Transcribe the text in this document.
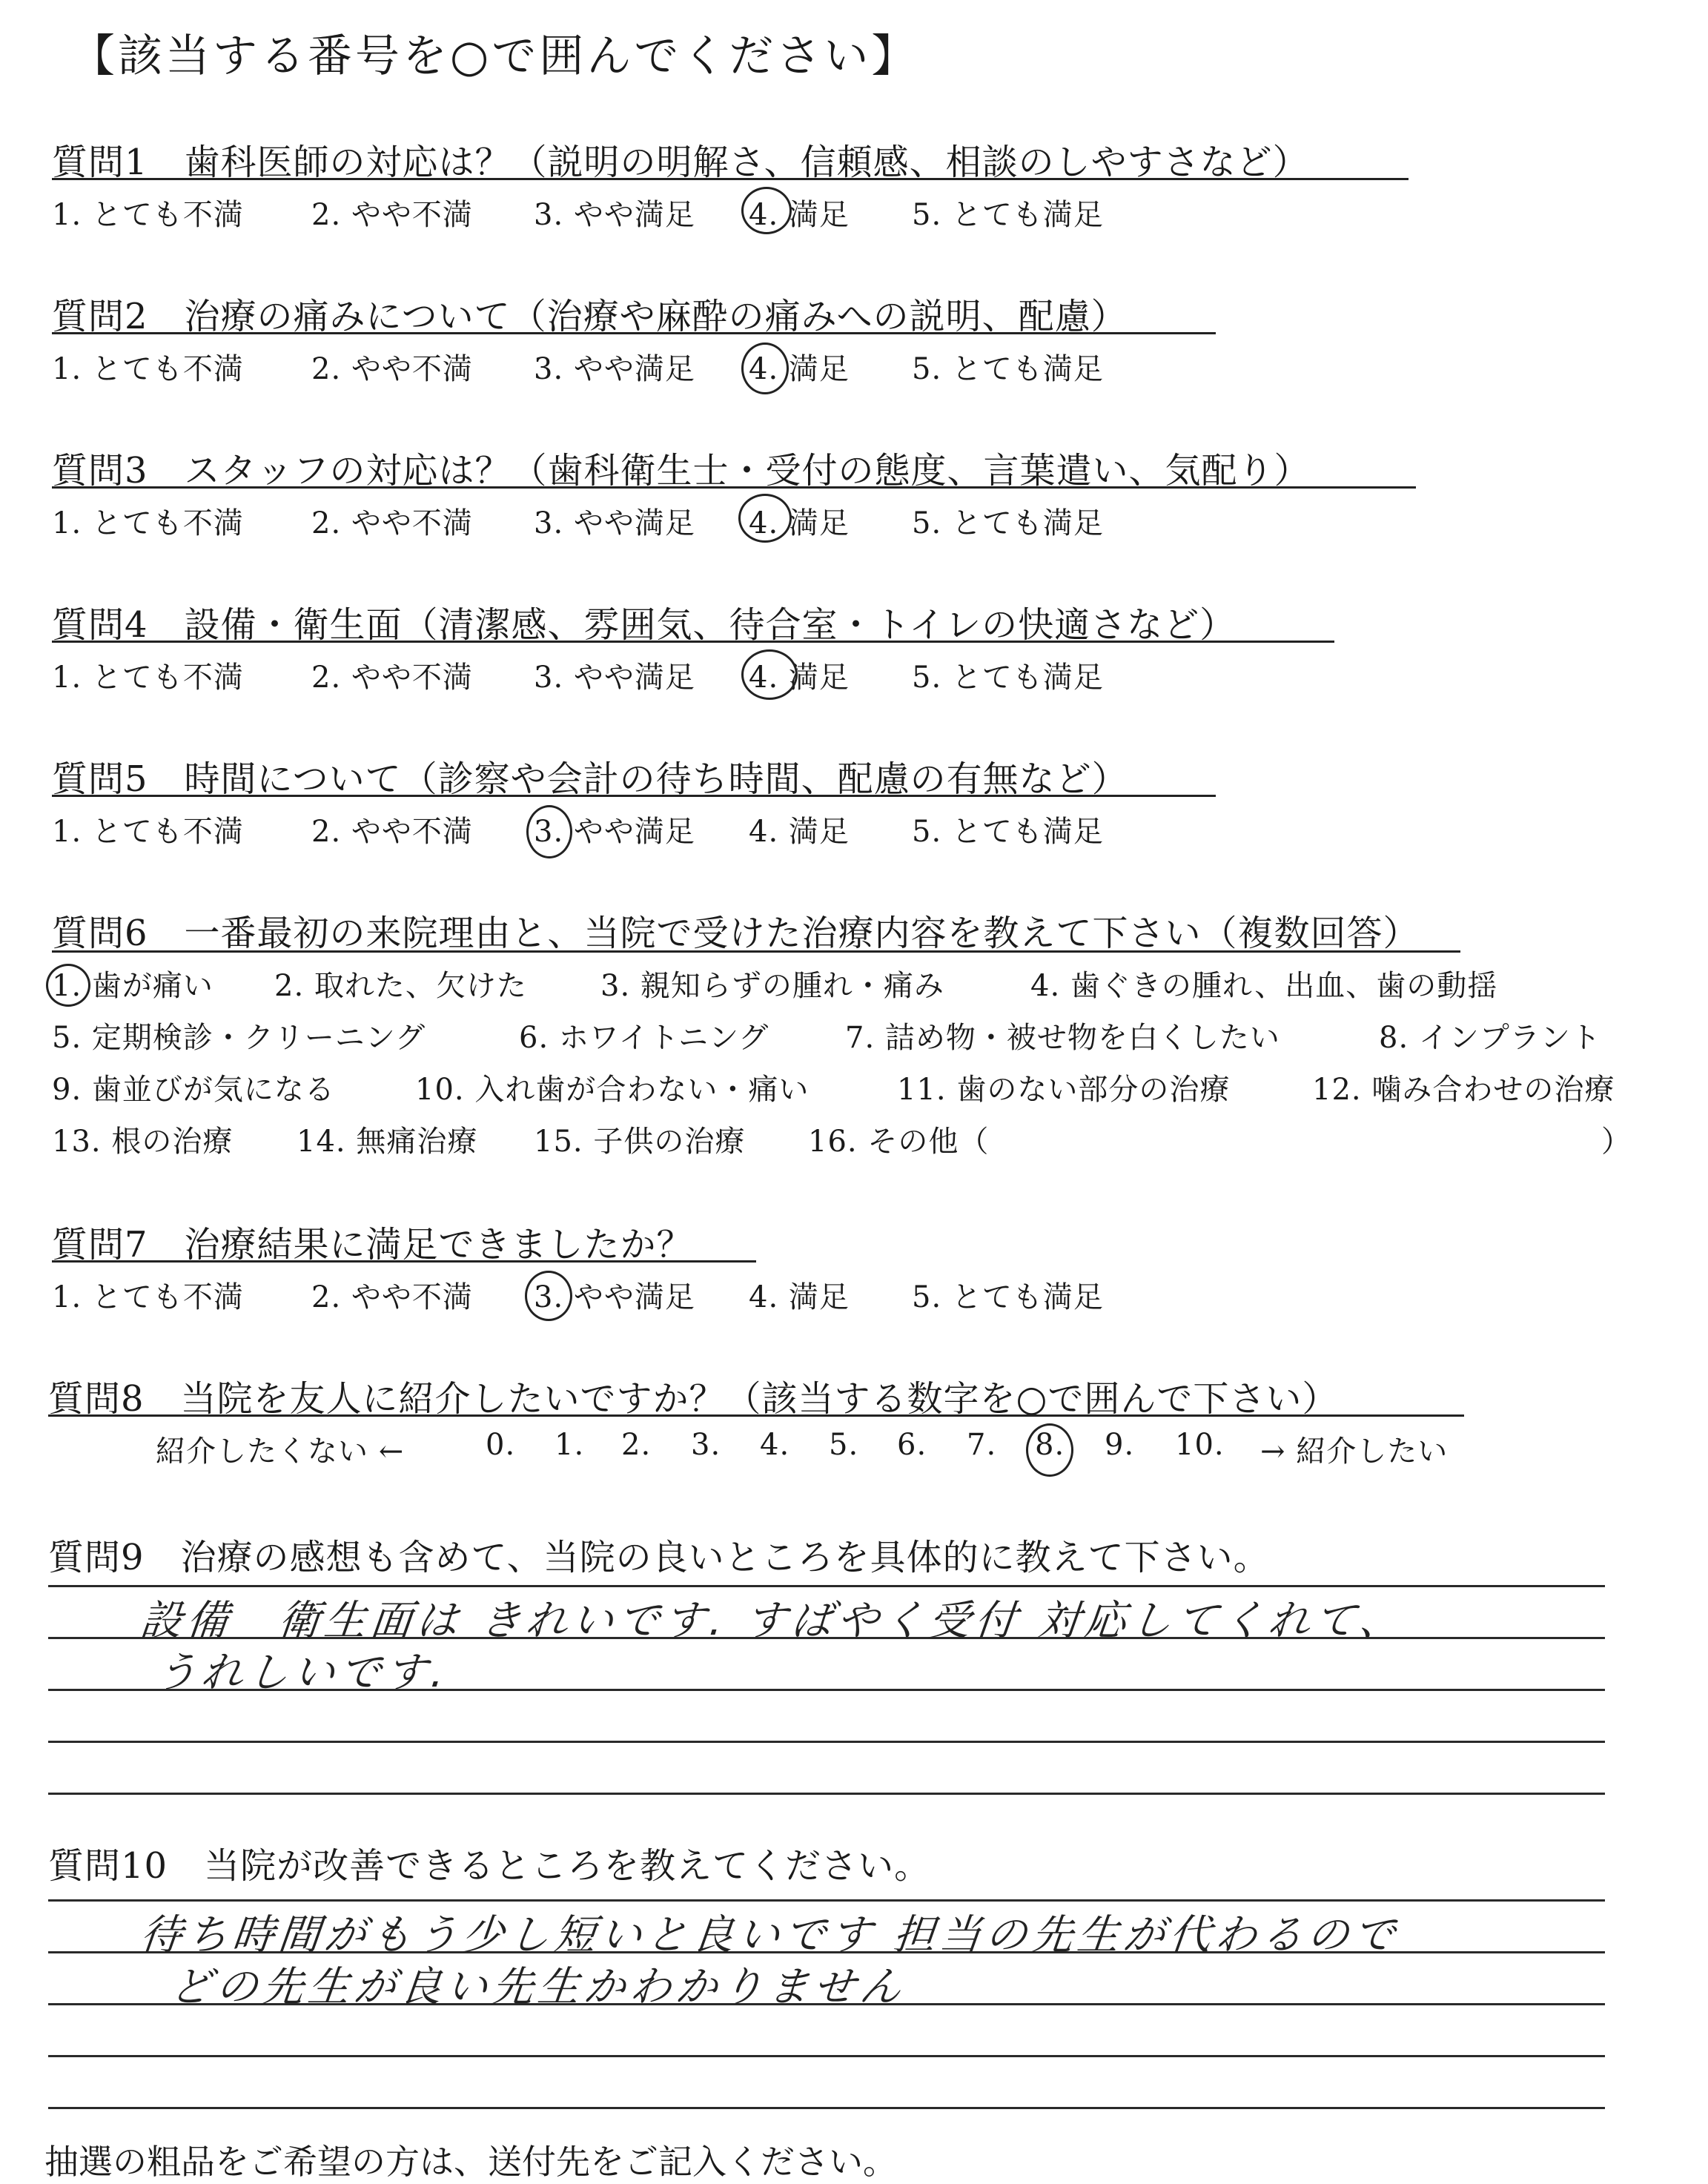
【該当する番号を○で囲んでください】
質問1　歯科医師の対応は？（説明の明解さ、信頼感、相談のしやすさなど）
1. とても不満 2. やや不満 3. やや満足 4. 満足 5. とても満足
質問2　治療の痛みについて（治療や麻酔の痛みへの説明、配慮）
1. とても不満 2. やや不満 3. やや満足 4. 満足 5. とても満足
質問3　スタッフの対応は？（歯科衛生士・受付の態度、言葉遣い、気配り）
1. とても不満 2. やや不満 3. やや満足 4. 満足 5. とても満足
質問4　設備・衛生面（清潔感、雰囲気、待合室・トイレの快適さなど）
1. とても不満 2. やや不満 3. やや満足 4. 満足 5. とても満足
質問5　時間について（診察や会計の待ち時間、配慮の有無など）
1. とても不満 2. やや不満 3. やや満足 4. 満足 5. とても満足
質問6　一番最初の来院理由と、当院で受けた治療内容を教えて下さい（複数回答）
1. 歯が痛い 2. 取れた、欠けた 3. 親知らずの腫れ・痛み	4. 歯ぐきの腫れ、出血、歯の動揺
5. 定期検診・クリーニング	6. ホワイトニング	7. 詰め物・被せ物を白くしたい	8. インプラント
9. 歯並びが気になる	10. 入れ歯が合わない・痛い	11. 歯のない部分の治療	12. 噛み合わせの治療
13. 根の治療 14. 無痛治療 15. 子供の治療 16. その他（	）
質問7　治療結果に満足できましたか？
1. とても不満 2. やや不満 3. やや満足 4. 満足 5. とても満足
質問8　当院を友人に紹介したいですか？（該当する数字を○で囲んで下さい）
紹介したくない ←	0. 1. 2. 3. 4. 5. 6. 7. 8. 9. 10. → 紹介したい
質問9　治療の感想も含めて、当院の良いところを具体的に教えて下さい。
設備　衛生面は きれいです. すばやく受付 対応してくれて、
うれしいです.
質問10　当院が改善できるところを教えてください。
待ち時間がもう少し短いと良いです 担当の先生が代わるので
どの先生が良い先生かわかりません
抽選の粗品をご希望の方は、送付先をご記入ください。
